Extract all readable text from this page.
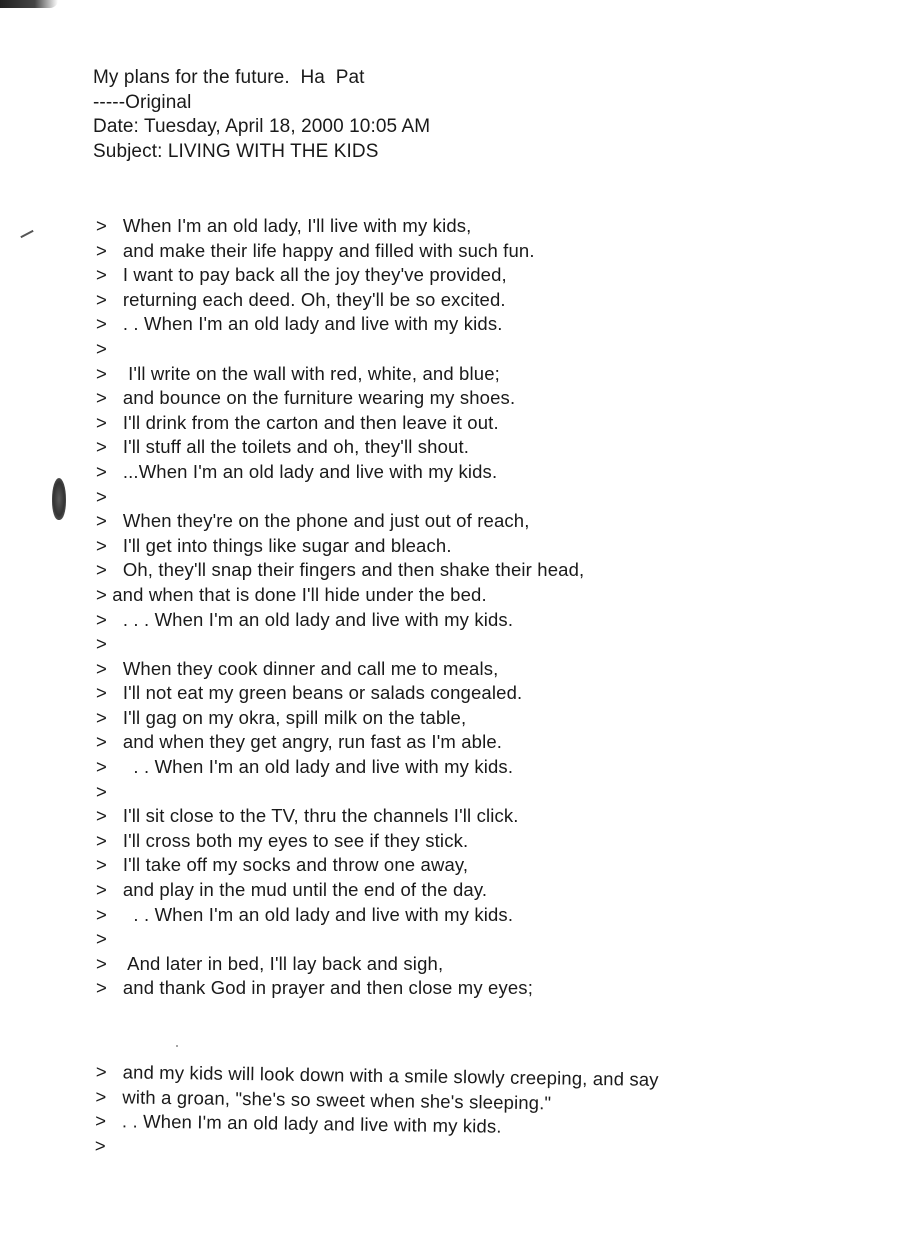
My plans for the future.  Ha  Pat
-----Original
Date: Tuesday, April 18, 2000 10:05 AM
Subject: LIVING WITH THE KIDS
>   When I'm an old lady, I'll live with my kids,
>   and make their life happy and filled with such fun.
>   I want to pay back all the joy they've provided,
>   returning each deed. Oh, they'll be so excited.
>   . . When I'm an old lady and live with my kids.
>
>    I'll write on the wall with red, white, and blue;
>   and bounce on the furniture wearing my shoes.
>   I'll drink from the carton and then leave it out.
>   I'll stuff all the toilets and oh, they'll shout.
>   ...When I'm an old lady and live with my kids.
>
>   When they're on the phone and just out of reach,
>   I'll get into things like sugar and bleach.
>   Oh, they'll snap their fingers and then shake their head,
> and when that is done I'll hide under the bed.
>   . . . When I'm an old lady and live with my kids.
>
>   When they cook dinner and call me to meals,
>   I'll not eat my green beans or salads congealed.
>   I'll gag on my okra, spill milk on the table,
>   and when they get angry, run fast as I'm able.
>     . . When I'm an old lady and live with my kids.
>
>   I'll sit close to the TV, thru the channels I'll click.
>   I'll cross both my eyes to see if they stick.
>   I'll take off my socks and throw one away,
>   and play in the mud until the end of the day.
>     . . When I'm an old lady and live with my kids.
>
>    And later in bed, I'll lay back and sigh,
>   and thank God in prayer and then close my eyes;
>   and my kids will look down with a smile slowly creeping, and say
>   with a groan, "she's so sweet when she's sleeping."
>   . . When I'm an old lady and live with my kids.
>
